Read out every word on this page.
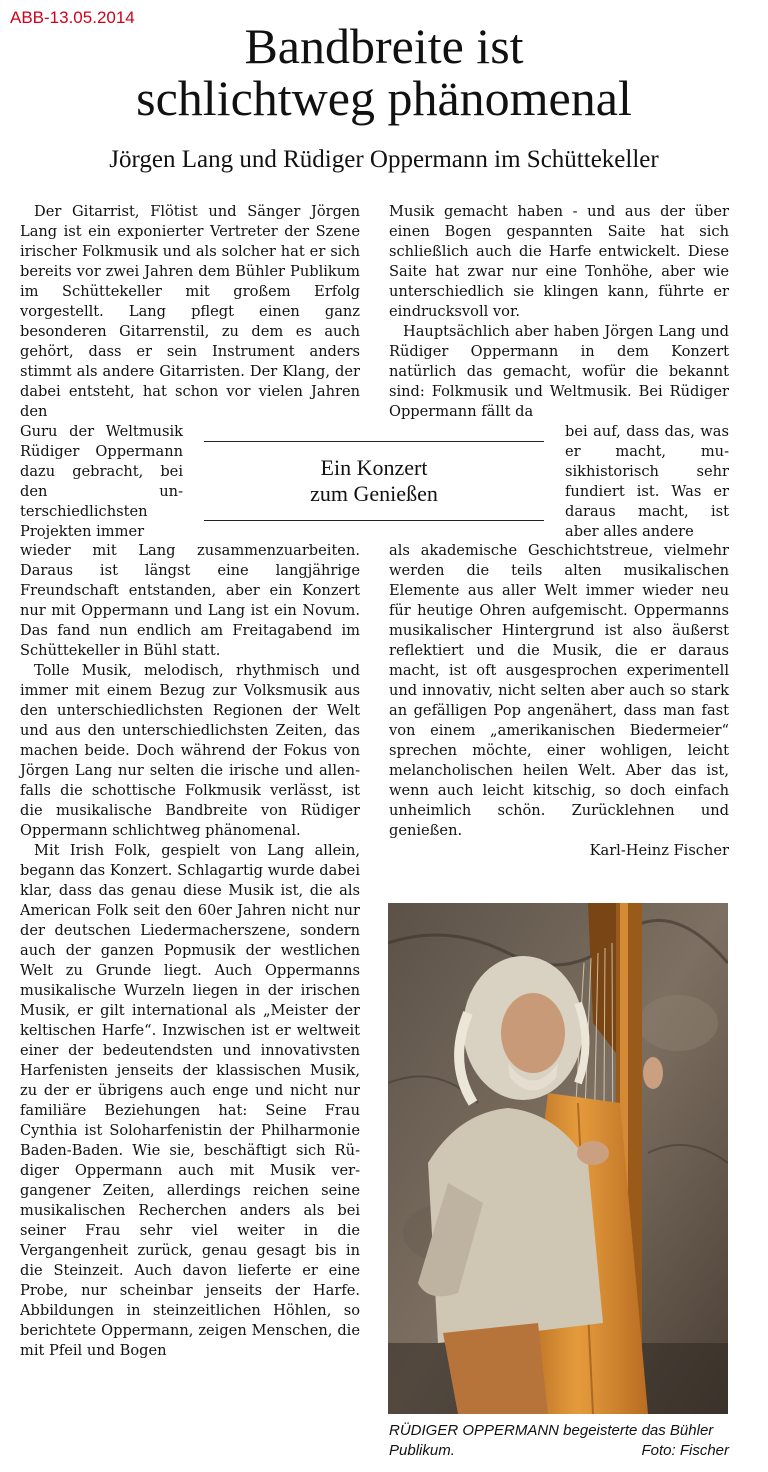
ABB-13.05.2014
Bandbreite ist
schlichtweg phänomenal
Jörgen Lang und Rüdiger Oppermann im Schüttekeller

Der Gitarrist, Flötist und Sänger Jörgen Lang ist ein exponierter Vertreter der Szene irischer Folkmusik und als solcher hat er sich bereits vor zwei Jahren dem Bühler Publikum im Schüttekeller mit großem Erfolg vorgestellt. Lang pflegt einen ganz besonderen Gitarrenstil, zu dem es auch gehört, dass er sein Instrument anders stimmt als andere Gitarristen. Der Klang, der dabei entsteht, hat schon vor vielen Jahren den

Guru der Weltmusik Rüdiger Oppermann dazu gebracht, bei den unterschiedlichsten Projekten immer

wieder mit Lang zusammenzuarbeiten. Daraus ist längst eine langjährige Freundschaft entstanden, aber ein Konzert nur mit Oppermann und Lang ist ein Novum. Das fand nun endlich am Freitagabend im Schüttekeller in Bühl statt.

Tolle Musik, melodisch, rhythmisch und immer mit einem Bezug zur Volksmusik aus den unterschiedlichsten Regionen der Welt und aus den unterschiedlichsten Zeiten, das machen beide. Doch während der Fokus von Jörgen Lang nur selten die irische und allenfalls die schottische Folkmusik verlässt, ist die musikalische Bandbreite von Rüdiger Oppermann schlichtweg phänomenal.

Mit Irish Folk, gespielt von Lang allein, begann das Konzert. Schlagartig wurde dabei klar, dass das genau diese Musik ist, die als American Folk seit den 60er Jahren nicht nur der deutschen Liedermacherszene, sondern auch der ganzen Popmusik der westlichen Welt zu Grunde liegt. Auch Oppermanns musikalische Wurzeln liegen in der irischen Musik, er gilt international als „Meister der keltischen Harfe“. Inzwischen ist er weltweit einer der bedeutendsten und innovativsten Harfenisten jenseits der klassischen Musik, zu der er übrigens auch enge und nicht nur familiäre Beziehungen hat: Seine Frau Cynthia ist Soloharfenistin der Philharmonie Baden-Baden. Wie sie, beschäftigt sich Rüdiger Oppermann auch mit Musik vergangener Zeiten, allerdings reichen seine musikalischen Recherchen anders als bei seiner Frau sehr viel weiter in die Vergangenheit zurück, genau gesagt bis in die Steinzeit. Auch davon lieferte er eine Probe, nur scheinbar jenseits der Harfe. Abbildungen in steinzeitlichen Höhlen, so berichtete Oppermann, zeigen Menschen, die mit Pfeil und Bogen

Ein Konzert
zum Genießen

Musik gemacht haben - und aus der über einen Bogen gespannten Saite hat sich schließlich auch die Harfe entwickelt. Diese Saite hat zwar nur eine Tonhöhe, aber wie unterschiedlich sie klingen kann, führte er eindrucksvoll vor.

Hauptsächlich aber haben Jörgen Lang und Rüdiger Oppermann in dem Konzert natürlich das gemacht, wofür die bekannt sind: Folkmusik und Weltmusik. Bei Rüdiger Oppermann fällt da

bei auf, dass das, was er macht, musikhistorisch sehr fundiert ist. Was er daraus macht, ist aber alles andere

als akademische Geschichtstreue, vielmehr werden die teils alten musikalischen Elemente aus aller Welt immer wieder neu für heutige Ohren aufgemischt. Oppermanns musikalischer Hintergrund ist also äußerst reflektiert und die Musik, die er daraus macht, ist oft ausgesprochen experimentell und innovativ, nicht selten aber auch so stark an gefälligen Pop angenähert, dass man fast von einem „amerikanischen Biedermeier“ sprechen möchte, einer wohligen, leicht melancholischen heilen Welt. Aber das ist, wenn auch leicht kitschig, so doch einfach unheimlich schön. Zurücklehnen und genießen.

Karl-Heinz Fischer

RÜDIGER OPPERMANN begeisterte das Bühler Publikum.	Foto: Fischer
